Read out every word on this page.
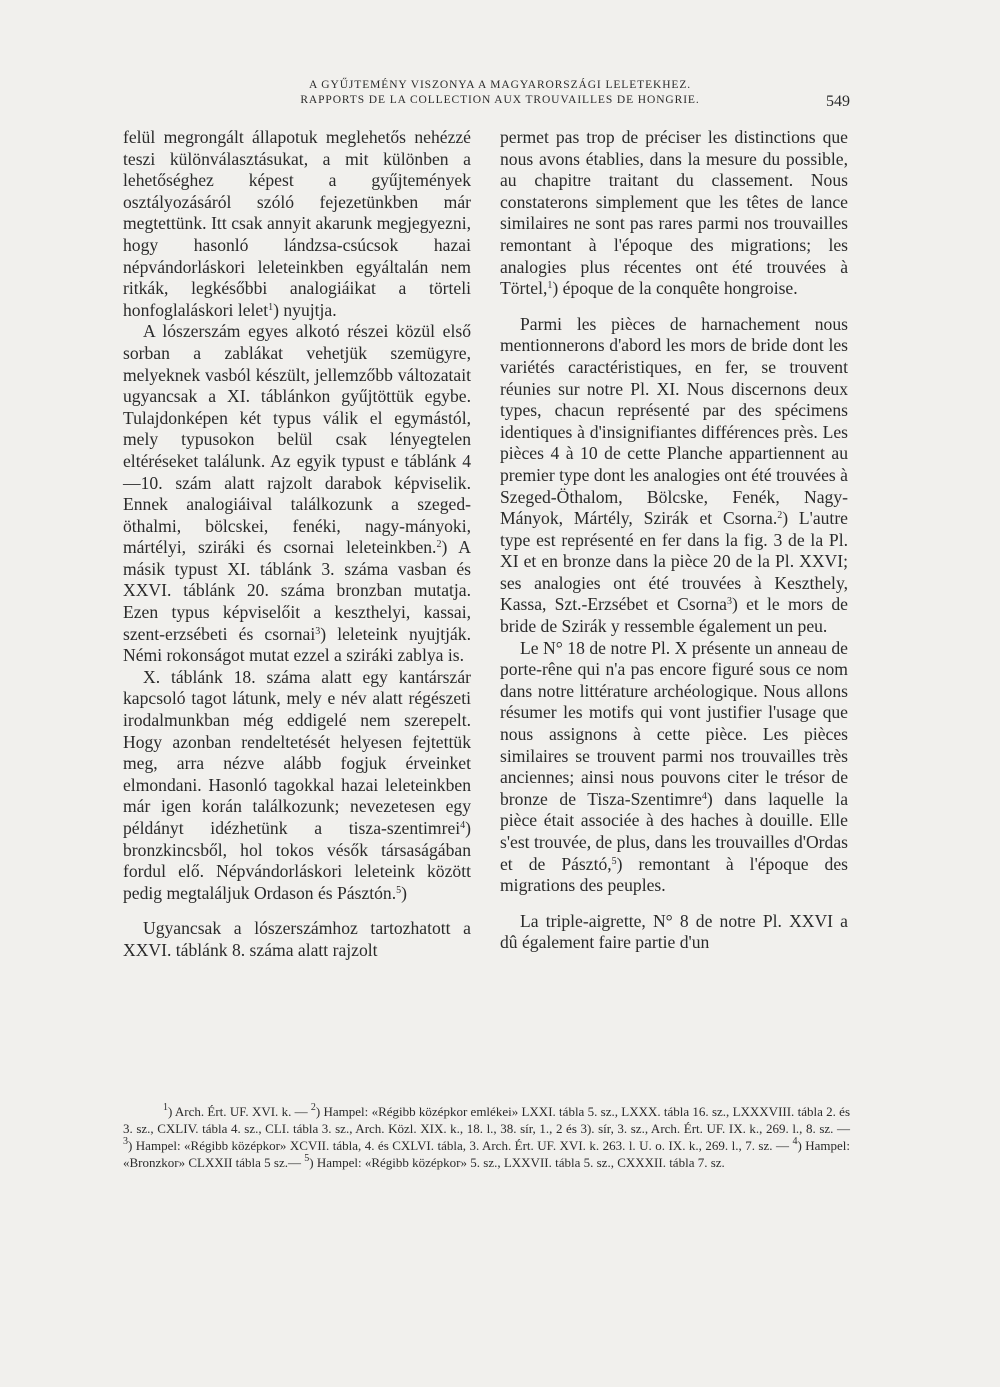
A GYŰJTEMÉNY VISZONYA A MAGYARORSZÁGI LELETEKHEZ.
RAPPORTS DE LA COLLECTION AUX TROUVAILLES DE HONGRIE.	549

felül megrongált állapotuk meglehetős nehézzé teszi különválasztásukat, a mit különben a lehetőséghez képest a gyűjtemények osztályozásáról szóló fejezetünkben már megtettünk. Itt csak annyit akarunk megjegyezni, hogy hasonló lándzsa-csúcsok hazai népvándorláskori leleteinkben egyáltalán nem ritkák, legkésőbbi analogiáikat a törteli honfoglaláskori lelet$^1$) nyujtja.

A lószerszám egyes alkotó részei közül első sorban a zablákat vehetjük szemügyre, melyeknek vasból készült, jellemzőbb változatait ugyancsak a XI. táblánkon gyűjtöttük egybe. Tulajdonképen két typus válik el egymástól, mely typusokon belül csak lényegtelen eltéréseket találunk. Az egyik typust e táblánk 4—10. szám alatt rajzolt darabok képviselik. Ennek analogiáival találkozunk a szeged-öthalmi, bölcskei, fenéki, nagy-mányoki, mártélyi, sziráki és csornai leleteinkben.$^2$) A másik typust XI. táblánk 3. száma vasban és XXVI. táblánk 20. száma bronzban mutatja. Ezen typus képviselőit a keszthelyi, kassai, szent-erzsébeti és csornai$^3$) leleteink nyujtják. Némi rokonságot mutat ezzel a sziráki zablya is.

X. táblánk 18. száma alatt egy kantárszár kapcsoló tagot látunk, mely e név alatt régészeti irodalmunkban még eddigelé nem szerepelt. Hogy azonban rendeltetését helyesen fejtettük meg, arra nézve alább fogjuk érveinket elmondani. Hasonló tagokkal hazai leleteinkben már igen korán találkozunk; nevezetesen egy példányt idézhetünk a tisza-szentimrei$^4$) bronzkincsből, hol tokos vésők társaságában fordul elő. Népvándorláskori leleteink között pedig megtaláljuk Ordason és Pásztón.$^5$)

Ugyancsak a lószerszámhoz tartozhatott a XXVI. táblánk 8. száma alatt rajzolt

permet pas trop de préciser les distinctions que nous avons établies, dans la mesure du possible, au chapitre traitant du classement. Nous constaterons simplement que les têtes de lance similaires ne sont pas rares parmi nos trouvailles remontant à l'époque des migrations; les analogies plus récentes ont été trouvées à Törtel,$^1$) époque de la conquête hongroise.

Parmi les pièces de harnachement nous mentionnerons d'abord les mors de bride dont les variétés caractéristiques, en fer, se trouvent réunies sur notre Pl. XI. Nous discernons deux types, chacun représenté par des spécimens identiques à d'insignifiantes différences près. Les pièces 4 à 10 de cette Planche appartiennent au premier type dont les analogies ont été trouvées à Szeged-Öthalom, Bölcske, Fenék, Nagy-Mányok, Mártély, Szirák et Csorna.$^2$) L'autre type est représenté en fer dans la fig. 3 de la Pl. XI et en bronze dans la pièce 20 de la Pl. XXVI; ses analogies ont été trouvées à Keszthely, Kassa, Szt.-Erzsébet et Csorna$^3$) et le mors de bride de Szirák y ressemble également un peu.

Le N° 18 de notre Pl. X présente un anneau de porte-rêne qui n'a pas encore figuré sous ce nom dans notre littérature archéologique. Nous allons résumer les motifs qui vont justifier l'usage que nous assignons à cette pièce. Les pièces similaires se trouvent parmi nos trouvailles très anciennes; ainsi nous pouvons citer le trésor de bronze de Tisza-Szentimre$^4$) dans laquelle la pièce était associée à des haches à douille. Elle s'est trouvée, de plus, dans les trouvailles d'Ordas et de Pásztó,$^5$) remontant à l'époque des migrations des peuples.

La triple-aigrette, N° 8 de notre Pl. XXVI a dû également faire partie d'un

$^1$) Arch. Ért. UF. XVI. k. — $^2$) Hampel: «Régibb középkor emlékei» LXXI. tábla 5. sz., LXXX. tábla 16. sz., LXXXVIII. tábla 2. és 3. sz., CXLIV. tábla 4. sz., CLI. tábla 3. sz., Arch. Közl. XIX. k., 18. l., 38. sír, 1., 2 és 3). sír, 3. sz., Arch. Ért. UF. IX. k., 269. l., 8. sz. — $^3$) Hampel: «Régibb középkor» XCVII. tábla, 4. és CXLVI. tábla, 3. Arch. Ért. UF. XVI. k. 263. l. U. o. IX. k., 269. l., 7. sz. — $^4$) Hampel: «Bronzkor» CLXXII tábla 5 sz.— $^5$) Hampel: «Régibb középkor» 5. sz., LXXVII. tábla 5. sz., CXXXII. tábla 7. sz.
